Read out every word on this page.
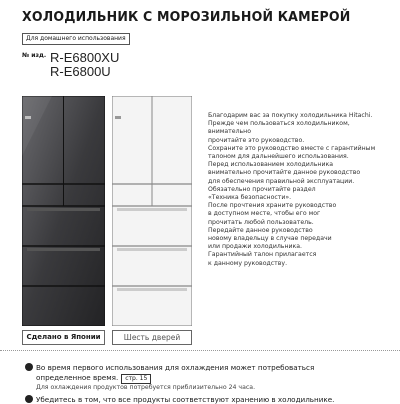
ХОЛОДИЛЬНИК С МОРОЗИЛЬНОЙ КАМЕРОЙ
Для домашнего использования
№ изд. R-E6800XU
R-E6800U
Сделано в Японии	Шесть дверей

Благодарим вас за покупку холодильника Hitachi.

Прежде чем пользоваться холодильником, внимательно

прочитайте это руководство.

Сохраните это руководство вместе с гарантийным

талоном для дальнейшего использования.

Перед использованием холодильника

внимательно прочитайте данное руководство

для обеспечения правильной эксплуатации.

Обязательно прочитайте раздел

«Техника безопасности».

После прочтения храните руководство

в доступном месте, чтобы его мог

прочитать любой пользователь.

Передайте данное руководство

новому владельцу в случае передачи

или продажи холодильника.

Гарантийный талон прилагается

к данному руководству.

Во время первого использования для охлаждения может потребоваться
определенное время. стр. 15
Для охлаждения продуктов потребуется приблизительно 24 часа.
Убедитесь в том, что все продукты соответствуют хранению в холодильнике.
